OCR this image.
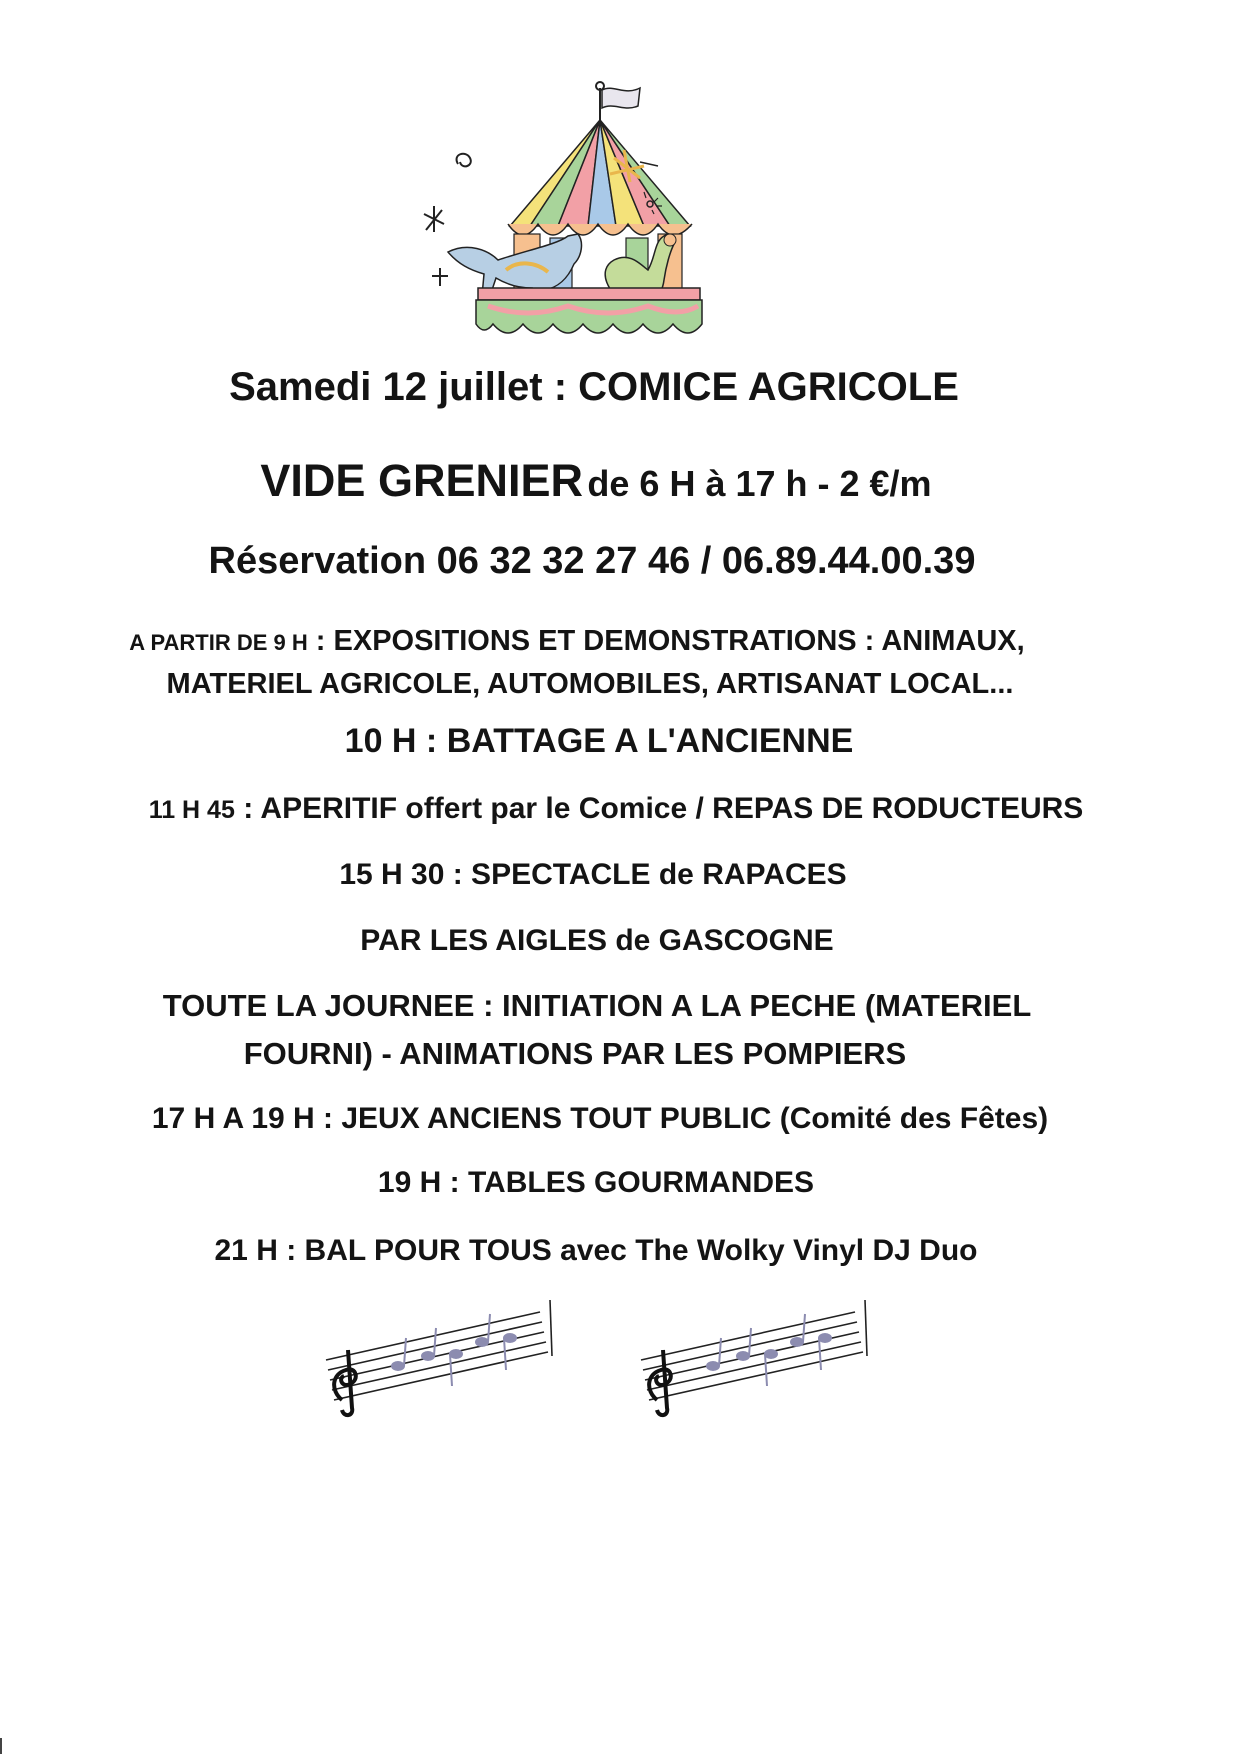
Samedi 12 juillet : COMICE AGRICOLE
VIDE GRENIER de 6 H à 17 h - 2 €/m
Réservation 06 32 32 27 46 / 06.89.44.00.39
A PARTIR DE 9 H : EXPOSITIONS ET DEMONSTRATIONS : ANIMAUX,
MATERIEL AGRICOLE, AUTOMOBILES, ARTISANAT LOCAL...
10 H : BATTAGE A L'ANCIENNE
11 H 45 : APERITIF offert par le Comice / REPAS DE RODUCTEURS
15 H 30 : SPECTACLE de RAPACES
PAR LES AIGLES de GASCOGNE
TOUTE LA JOURNEE : INITIATION A LA PECHE (MATERIEL
FOURNI) - ANIMATIONS PAR LES POMPIERS
17 H A 19 H : JEUX ANCIENS TOUT PUBLIC (Comité des Fêtes)
19 H : TABLES GOURMANDES
21 H : BAL POUR TOUS avec The Wolky Vinyl DJ Duo
